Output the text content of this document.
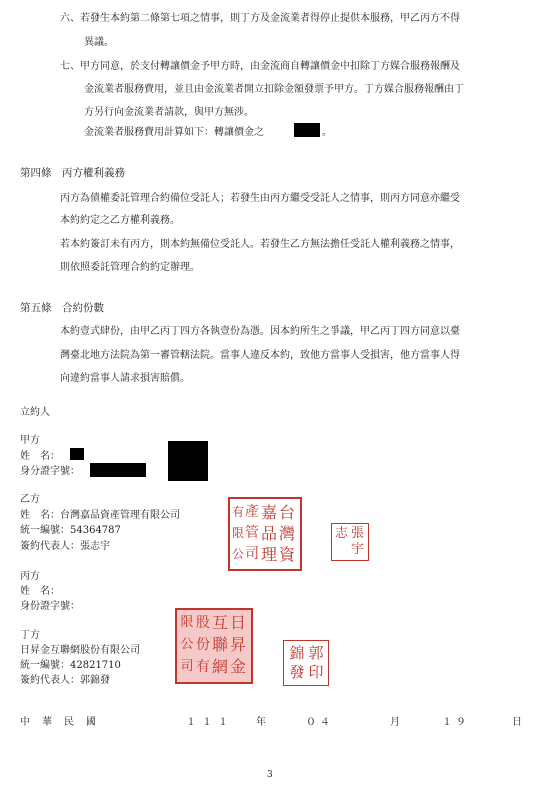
六、若發生本約第二條第七項之情事，則丁方及金流業者得停止提供本服務，甲乙丙方不得
異議。
七、甲方同意，於支付轉讓價金予甲方時，由金流商自轉讓價金中扣除丁方媒合服務報酬及
金流業者服務費用，並且由金流業者開立扣除金額發票予甲方。丁方媒合服務報酬由丁
方另行向金流業者請款，與甲方無涉。
金流業者服務費用計算如下：轉讓價金之	。
第四條　丙方權利義務
丙方為債權委託管理合約備位受託人；若發生由丙方繼受受託人之情事，則丙方同意亦繼受
本約約定之乙方權利義務。
若本約簽訂未有丙方，則本約無備位受託人。若發生乙方無法擔任受託人權利義務之情事，
則依照委託管理合約約定辦理。
第五條　合約份數
本約壹式肆份，由甲乙丙丁四方各執壹份為憑。因本約所生之爭議，甲乙丙丁四方同意以臺
灣臺北地方法院為第一審管轄法院。當事人違反本約，致他方當事人受損害，他方當事人得
向違約當事人請求損害賠償。
立約人
甲方
姓　名：
身分證字號：
乙方
姓　名：台灣嘉品資產管理有限公司
統一編號：54364787
簽約代表人：張志宇
丙方
姓　名：
身份證字號：
丁方
日昇金互聯網股份有限公司
統一編號：42821710
簽約代表人：郭錦發
台
灣
資
嘉
品
理
產
管
司
有
限
公
張
宇
志
日
昇
金
互
聯
網
股
份
有
限
公
司
郭
印
錦
發
中 華 民 國	１１１ 年	０４	月	１９	日
3
